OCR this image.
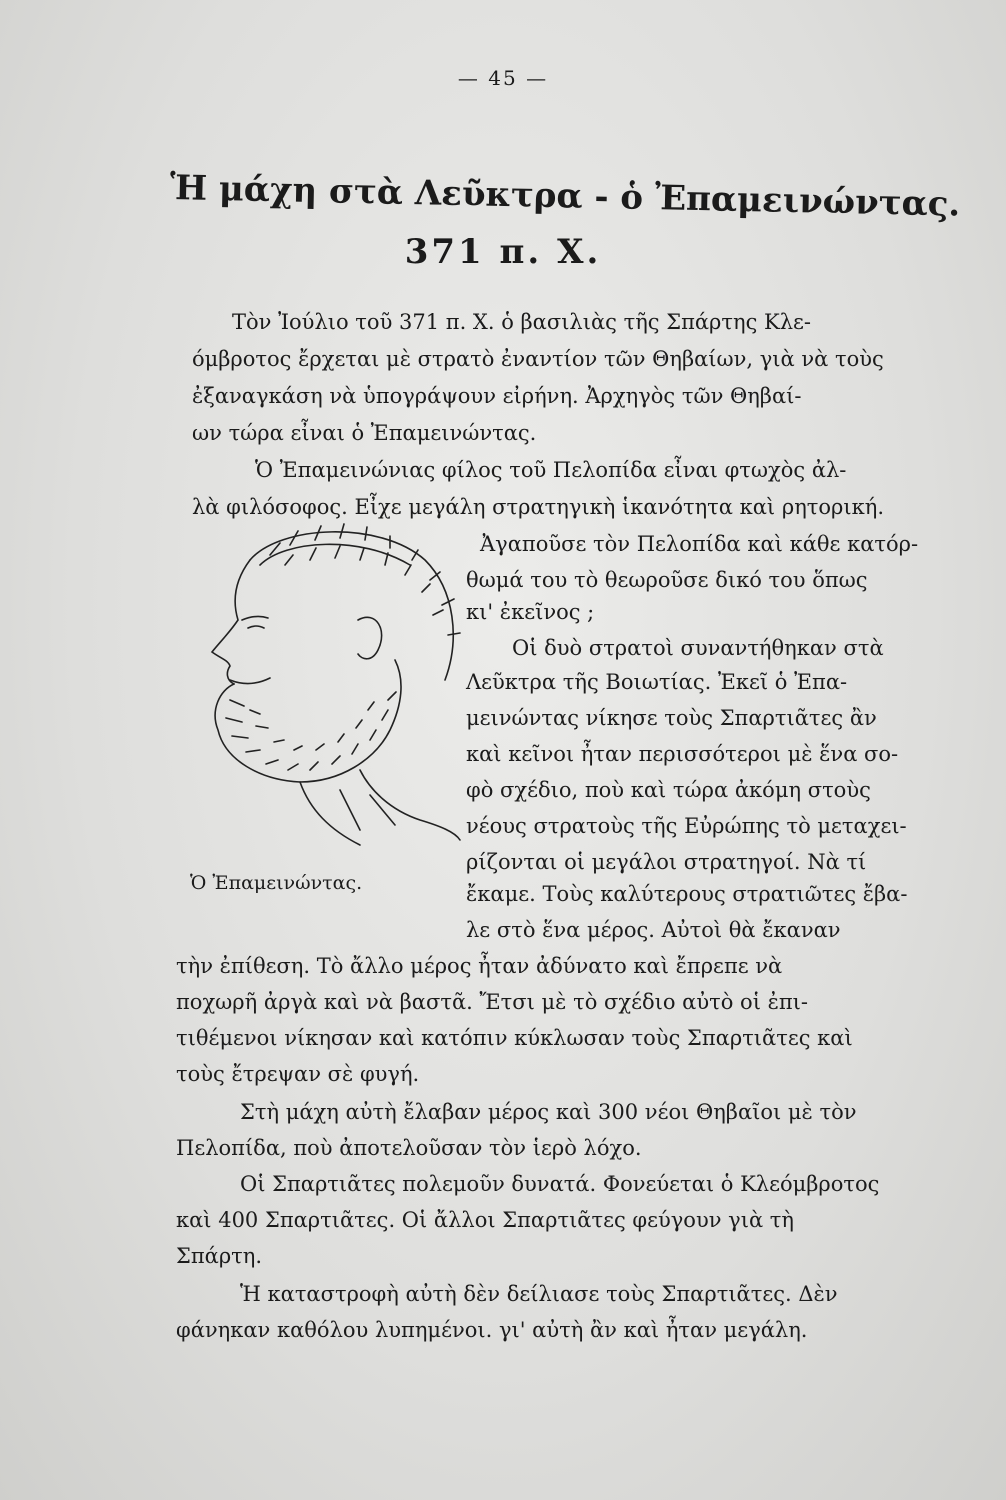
— 45 —
Ἡ μάχη στὰ Λεῦκτρα - ὁ Ἐπαμεινώντας.
371 π. Χ.
Τὸν Ἰούλιο τοῦ 371 π. Χ. ὁ βασιλιὰς τῆς Σπάρτης Κλε-
όμβροτος ἔρχεται μὲ στρατὸ ἐναντίον τῶν Θηβαίων, γιὰ νὰ τοὺς
ἐξαναγκάση νὰ ὑπογράψουν εἰρήνη. Ἀρχηγὸς τῶν Θηβαί-
ων τώρα εἶναι ὁ Ἐπαμεινώντας.
Ὁ Ἐπαμεινώνιας φίλος τοῦ Πελοπίδα εἶναι φτωχὸς ἀλ-
λὰ φιλόσοφος. Εἶχε μεγάλη στρατηγικὴ ἱκανότητα καὶ ρητορική.
Ἀγαποῦσε τὸν Πελοπίδα καὶ κάθε κατόρ-
θωμά του τὸ θεωροῦσε δικό του ὅπως
κι' ἐκεῖνος ;
Οἱ δυὸ στρατοὶ συναντήθηκαν στὰ
Λεῦκτρα τῆς Βοιωτίας. Ἐκεῖ ὁ Ἐπα-
μεινώντας νίκησε τοὺς Σπαρτιᾶτες ἂν
καὶ κεῖνοι ἦταν περισσότεροι μὲ ἕνα σο-
φὸ σχέδιο, ποὺ καὶ τώρα ἀκόμη στοὺς
νέους στρατοὺς τῆς Εὐρώπης τὸ μεταχει-
ρίζονται οἱ μεγάλοι στρατηγοί. Νὰ τί
ἔκαμε. Τοὺς καλύτερους στρατιῶτες ἔβα-
λε στὸ ἕνα μέρος. Αὐτοὶ θὰ ἔκαναν
τὴν ἐπίθεση. Τὸ ἄλλο μέρος ἦταν ἀδύνατο καὶ ἔπρεπε νὰ
ποχωρῆ ἀργὰ καὶ νὰ βαστᾶ. Ἔτσι μὲ τὸ σχέδιο αὐτὸ οἱ ἐπι-
τιθέμενοι νίκησαν καὶ κατόπιν κύκλωσαν τοὺς Σπαρτιᾶτες καὶ
τοὺς ἔτρεψαν σὲ φυγή.
Στὴ μάχη αὐτὴ ἔλαβαν μέρος καὶ 300 νέοι Θηβαῖοι μὲ τὸν
Πελοπίδα, ποὺ ἀποτελοῦσαν τὸν ἱερὸ λόχο.
Οἱ Σπαρτιᾶτες πολεμοῦν δυνατά. Φονεύεται ὁ Κλεόμβροτος
καὶ 400 Σπαρτιᾶτες. Οἱ ἄλλοι Σπαρτιᾶτες φεύγουν γιὰ τὴ
Σπάρτη.
Ἡ καταστροφὴ αὐτὴ δὲν δείλιασε τοὺς Σπαρτιᾶτες. Δὲν
φάνηκαν καθόλου λυπημένοι. γι' αὐτὴ ἂν καὶ ἦταν μεγάλη.
Ὁ Ἐπαμεινώντας.
